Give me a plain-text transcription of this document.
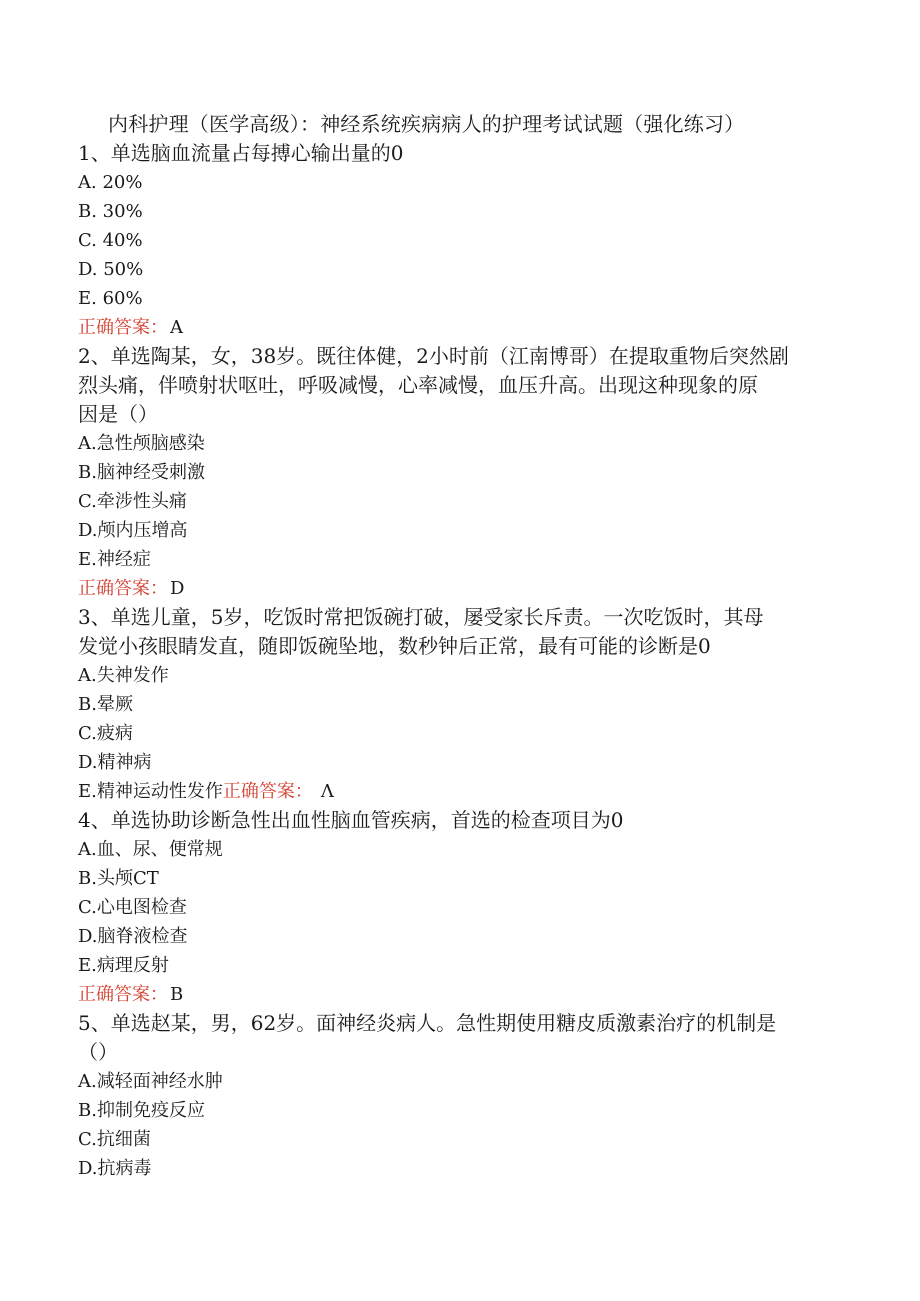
内科护理（医学高级）：神经系统疾病病人的护理考试试题（强化练习）

1、单选脑血流量占每搏心输出量的0

A. 20%

B. 30%

C. 40%

D. 50%

E. 60%

正确答案： A

2、单选陶某，女，38岁。既往体健，2小时前（江南博哥）在提取重物后突然剧
烈头痛，伴喷射状呕吐，呼吸减慢，心率减慢，血压升高。出现这种现象的原
因是（）

A.急性颅脑感染

B.脑神经受刺激

C.牵涉性头痛

D.颅内压增高

E.神经症

正确答案： D

3、单选儿童，5岁，吃饭时常把饭碗打破，屡受家长斥责。一次吃饭时，其母
发觉小孩眼睛发直，随即饭碗坠地，数秒钟后正常，最有可能的诊断是0

A.失神发作

B.晕厥

C.疲病

D.精神病

E.精神运动性发作正确答案： Λ

4、单选协助诊断急性出血性脑血管疾病，首选的检查项目为0

A.血、尿、便常规

B.头颅CT

C.心电图检查

D.脑脊液检查

E.病理反射

正确答案： B

5、单选赵某，男，62岁。面神经炎病人。急性期使用糖皮质激素治疗的机制是
（）

A.减轻面神经水肿

B.抑制免疫反应

C.抗细菌

D.抗病毒
